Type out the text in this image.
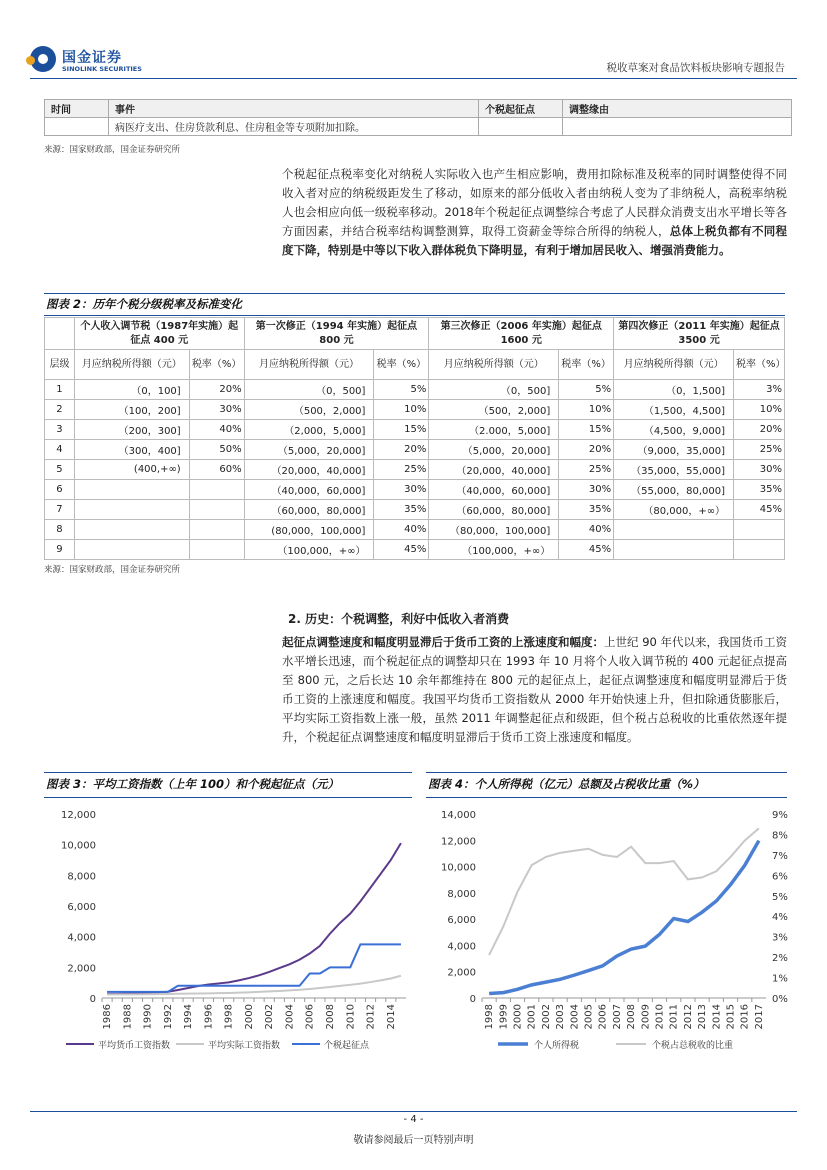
国金证券
SINOLINK SECURITIES	税收草案对食品饮料板块影响专题报告
时间	事件	个税起征点	调整缘由
	病医疗支出、住房贷款利息、住房租金等专项附加扣除。		
来源：国家财政部，国金证券研究所
个税起征点税率变化对纳税人实际收入也产生相应影响，费用扣除标准及税率的同时调整使得不同收入者对应的纳税级距发生了移动，如原来的部分低收入者由纳税人变为了非纳税人，高税率纳税人也会相应向低一级税率移动。2018年个税起征点调整综合考虑了人民群众消费支出水平增长等各方面因素，并结合税率结构调整测算，取得工资薪金等综合所得的纳税人，总体上税负都有不同程度下降，特别是中等以下收入群体税负下降明显，有利于增加居民收入、增强消费能力。
图表 2：历年个税分级税率及标准变化
	个人收入调节税（1987年实施）起征点 400 元		第一次修正（1994 年实施）起征点 800 元		第三次修正（2006 年实施）起征点 1600 元		第四次修正（2011 年实施）起征点 3500 元	
层级	月应纳税所得额（元）	税率（%）	月应纳税所得额（元）	税率（%）	月应纳税所得额（元）	税率（%）	月应纳税所得额（元）	税率（%）
1	（0，100]	20%	（0，500]	5%	（0，500]	5%	（0，1,500]	3%
2	（100，200]	30%	（500，2,000]	10%	（500，2,000]	10%	（1,500，4,500]	10%
3	（200，300]	40%	（2,000，5,000]	15%	（2.000，5,000]	15%	（4,500，9,000]	20%
4	（300，400]	50%	（5,000，20,000]	20%	（5,000，20,000]	20%	（9,000，35,000]	25%
5	(400,+∞)	60%	（20,000，40,000]	25%	（20,000，40,000]	25%	（35,000，55,000]	30%
6			（40,000，60,000]	30%	（40,000，60,000]	30%	（55,000，80,000]	35%
7			（60,000，80,000]	35%	（60,000，80,000]	35%	（80,000，+∞）	45%
8			(80,000，100,000]	40%	（80,000，100,000]	40%		
9			（100,000，+∞）	45%	（100,000，+∞）	45%		
来源：国家财政部，国金证券研究所
2. 历史：个税调整，利好中低收入者消费
起征点调整速度和幅度明显滞后于货币工资的上涨速度和幅度：上世纪 90 年代以来，我国货币工资水平增长迅速，而个税起征点的调整却只在 1993 年 10 月将个人收入调节税的 400 元起征点提高至 800 元，之后长达 10 余年都维持在 800 元的起征点上，起征点调整速度和幅度明显滞后于货币工资的上涨速度和幅度。我国平均货币工资指数从 2000 年开始快速上升，但扣除通货膨胀后，平均实际工资指数上涨一般，虽然 2011 年调整起征点和级距，但个税占总税收的比重依然逐年提升，个税起征点调整速度和幅度明显滞后于货币工资上涨速度和幅度。
图表 3：平均工资指数（上年 100）和个税起征点（元）	图表 4：个人所得税（亿元）总额及占税收比重（%）
0
2,000
4,000
6,000
8,000
10,000
12,000
1986 1988 1990 1992 1994 1996 1998 2000 2002 2004 2006 2008 2010 2012 2014
平均货币工资指数	平均实际工资指数	个税起征点
0
2,000
4,000
6,000
8,000
10,000
12,000
14,000
0%
1%
2%
3%
4%
5%
6%
7%
8%
9%
1998 1999 2000 2001 2002 2003 2004 2005 2006 2007 2008 2009 2010 2011 2012 2013 2014 2015 2016 2017
个人所得税	个税占总税收的比重
- 4 -
敬请参阅最后一页特别声明
